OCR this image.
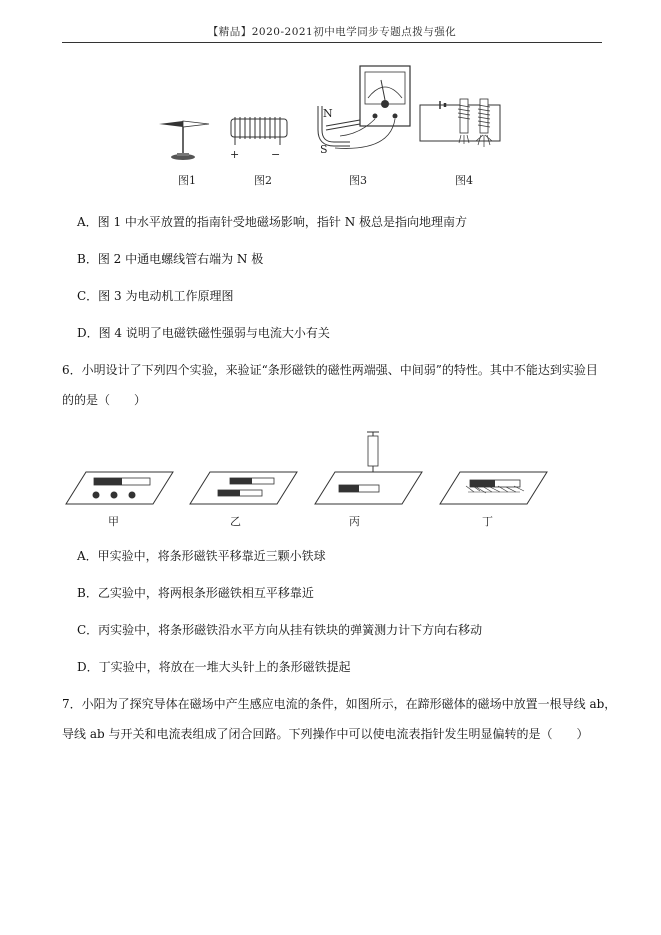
【精品】2020-2021初中电学同步专题点拨与强化
图1
+	−
图2
N
S
图3	图4
A．图 1 中水平放置的指南针受地磁场影响，指针 N 极总是指向地理南方
B．图 2 中通电螺线管右端为 N 极
C．图 3 为电动机工作原理图
D．图 4 说明了电磁铁磁性强弱与电流大小有关
6．小明设计了下列四个实验，来验证“条形磁铁的磁性两端强、中间弱”的特性。其中不能达到实验目
的的是（　　）
甲	乙	丙	丁
A．甲实验中，将条形磁铁平移靠近三颗小铁球
B．乙实验中，将两根条形磁铁相互平移靠近
C．丙实验中，将条形磁铁沿水平方向从挂有铁块的弹簧测力计下方向右移动
D．丁实验中，将放在一堆大头针上的条形磁铁提起
7．小阳为了探究导体在磁场中产生感应电流的条件，如图所示，在蹄形磁体的磁场中放置一根导线 ab，
导线 ab 与开关和电流表组成了闭合回路。下列操作中可以使电流表指针发生明显偏转的是（　　）
